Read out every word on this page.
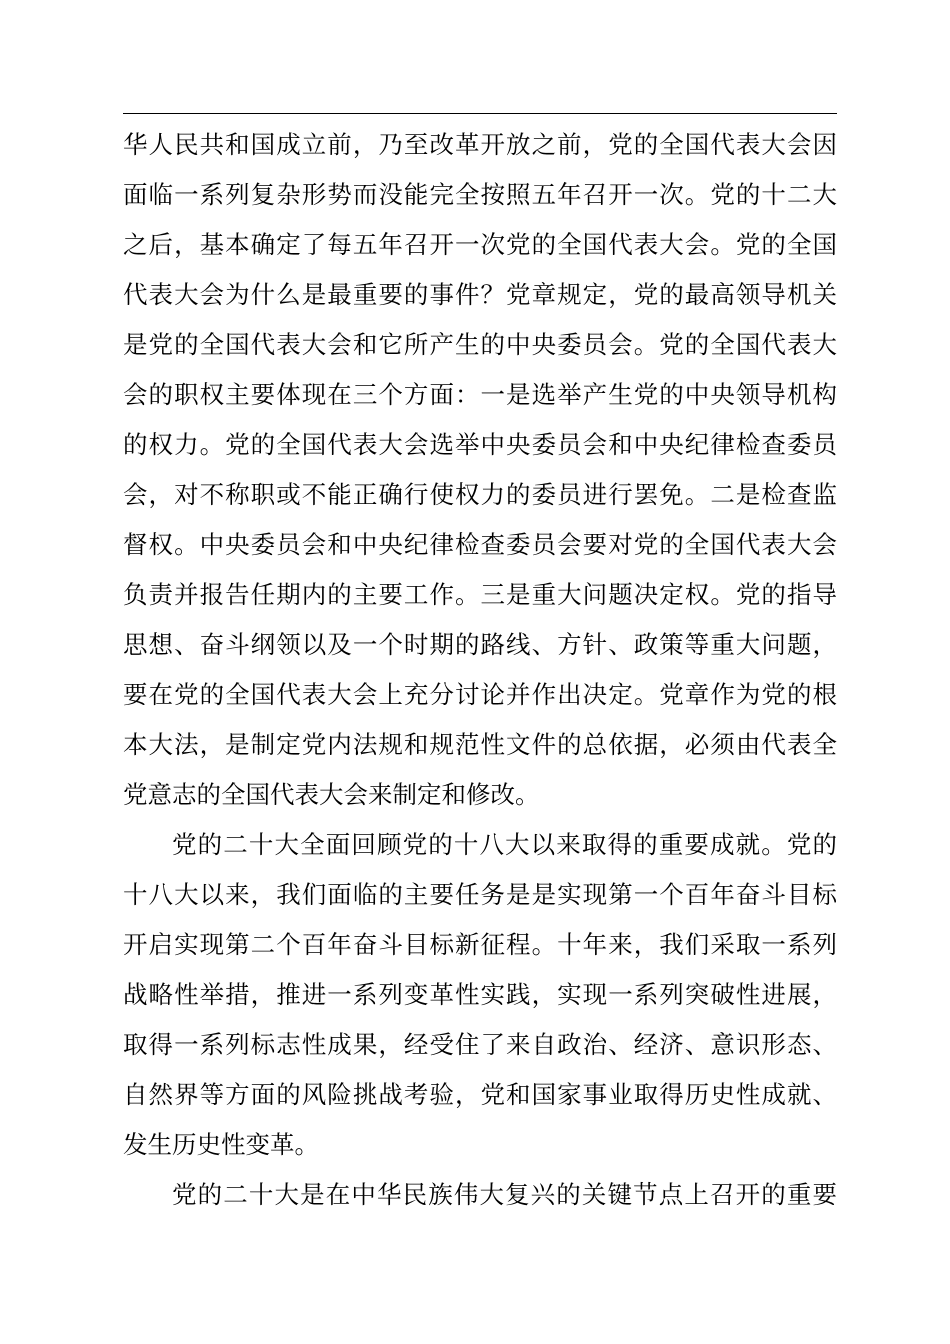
华人民共和国成立前，乃至改革开放之前，党的全国代表大会因
面临一系列复杂形势而没能完全按照五年召开一次。党的十二大
之后，基本确定了每五年召开一次党的全国代表大会。党的全国
代表大会为什么是最重要的事件？党章规定，党的最高领导机关
是党的全国代表大会和它所产生的中央委员会。党的全国代表大
会的职权主要体现在三个方面：一是选举产生党的中央领导机构
的权力。党的全国代表大会选举中央委员会和中央纪律检查委员
会，对不称职或不能正确行使权力的委员进行罢免。二是检查监
督权。中央委员会和中央纪律检查委员会要对党的全国代表大会
负责并报告任期内的主要工作。三是重大问题决定权。党的指导
思想、奋斗纲领以及一个时期的路线、方针、政策等重大问题，
要在党的全国代表大会上充分讨论并作出决定。党章作为党的根
本大法，是制定党内法规和规范性文件的总依据，必须由代表全
党意志的全国代表大会来制定和修改。
党的二十大全面回顾党的十八大以来取得的重要成就。党的
十八大以来，我们面临的主要任务是是实现第一个百年奋斗目标
开启实现第二个百年奋斗目标新征程。十年来，我们采取一系列
战略性举措，推进一系列变革性实践，实现一系列突破性进展，
取得一系列标志性成果，经受住了来自政治、经济、意识形态、
自然界等方面的风险挑战考验，党和国家事业取得历史性成就、
发生历史性变革。
党的二十大是在中华民族伟大复兴的关键节点上召开的重要
